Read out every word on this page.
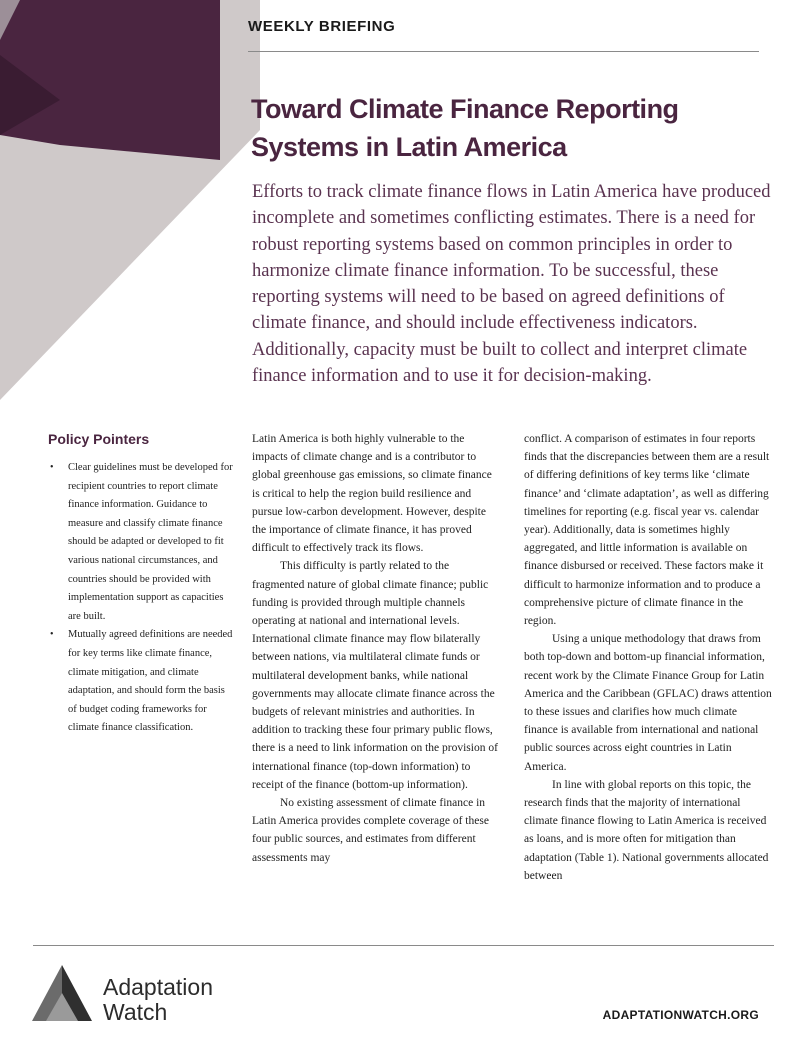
WEEKLY BRIEFING
Toward Climate Finance Reporting Systems in Latin America

Efforts to track climate finance flows in Latin America have produced incomplete and sometimes conflicting estimates. There is a need for robust reporting systems based on common principles in order to harmonize climate finance information. To be successful, these reporting systems will need to be based on agreed definitions of climate finance, and should include effectiveness indicators. Additionally, capacity must be built to collect and interpret climate finance information and to use it for decision-making.

Policy Pointers
• Clear guidelines must be developed for recipient countries to report climate finance information. Guidance to measure and classify climate finance should be adapted or developed to fit various national circumstances, and countries should be provided with implementation support as capacities are built.
• Mutually agreed definitions are needed for key terms like climate finance, climate mitigation, and climate adaptation, and should form the basis of budget coding frameworks for climate finance classification.

Latin America is both highly vulnerable to the impacts of climate change and is a contributor to global greenhouse gas emissions, so climate finance is critical to help the region build resilience and pursue low-carbon development. However, despite the importance of climate finance, it has proved difficult to effectively track its flows.

This difficulty is partly related to the fragmented nature of global climate finance; public funding is provided through multiple channels operating at national and international levels. International climate finance may flow bilaterally between nations, via multilateral climate funds or multilateral development banks, while national governments may allocate climate finance across the budgets of relevant ministries and authorities. In addition to tracking these four primary public flows, there is a need to link information on the provision of international finance (top-down information) to receipt of the finance (bottom-up information).

No existing assessment of climate finance in Latin America provides complete coverage of these four public sources, and estimates from different assessments may

conflict. A comparison of estimates in four reports finds that the discrepancies between them are a result of differing definitions of key terms like ‘climate finance’ and ‘climate adaptation’, as well as differing timelines for reporting (e.g. fiscal year vs. calendar year). Additionally, data is sometimes highly aggregated, and little information is available on finance disbursed or received. These factors make it difficult to harmonize information and to produce a comprehensive picture of climate finance in the region.

Using a unique methodology that draws from both top-down and bottom-up financial information, recent work by the Climate Finance Group for Latin America and the Caribbean (GFLAC) draws attention to these issues and clarifies how much climate finance is available from international and national public sources across eight countries in Latin America.

In line with global reports on this topic, the research finds that the majority of international climate finance flowing to Latin America is received as loans, and is more often for mitigation than adaptation (Table 1). National governments allocated between

Adaptation
Watch	ADAPTATIONWATCH.ORG
